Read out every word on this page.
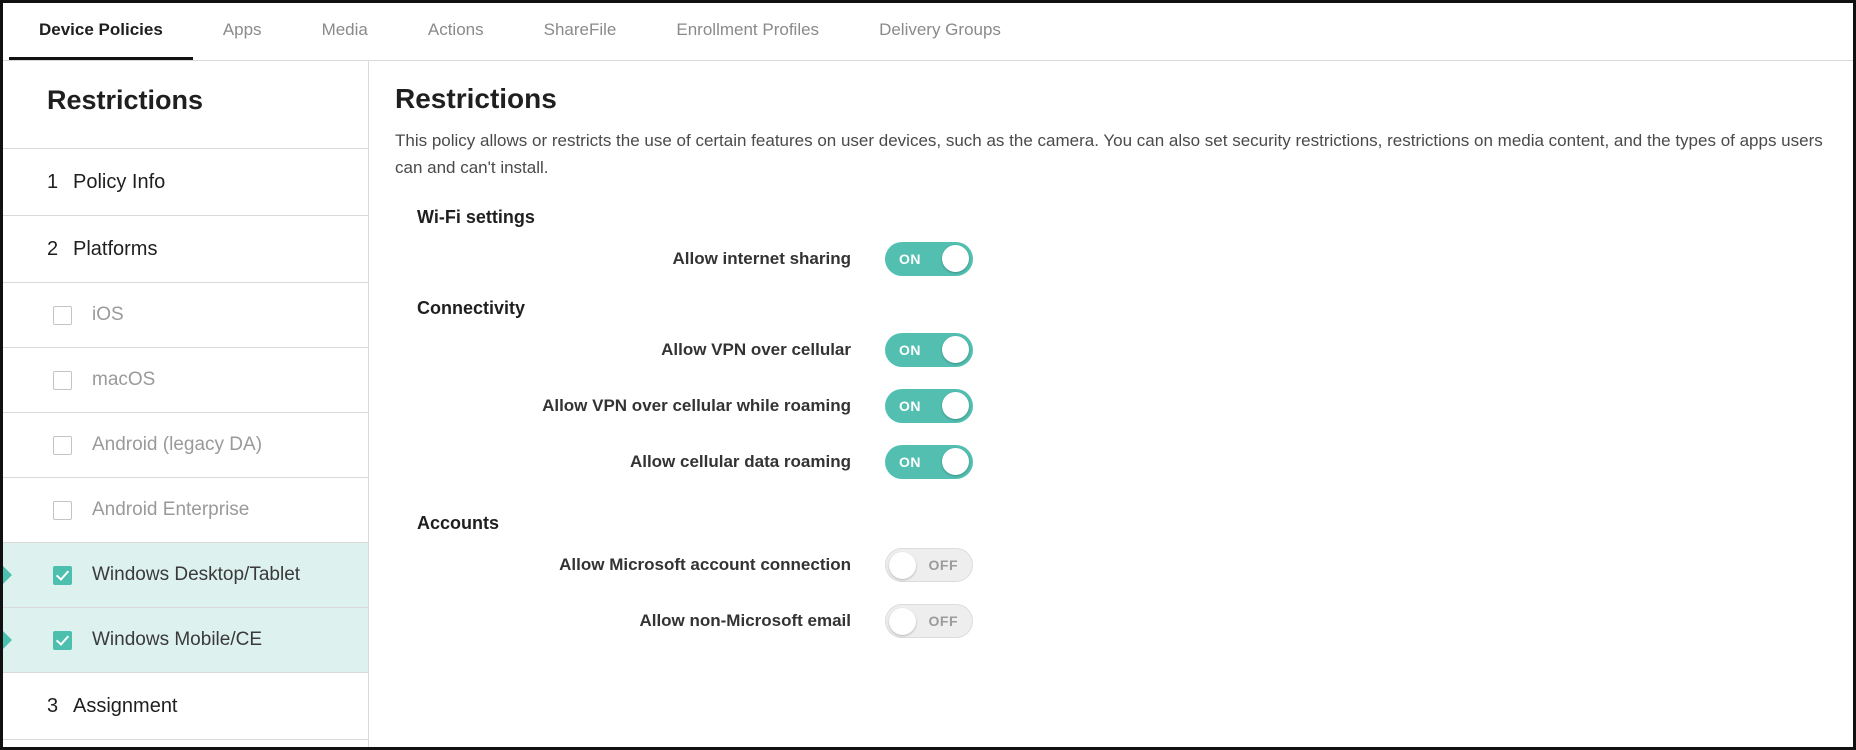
Device Policies	Apps	Media	Actions	ShareFile	Enrollment Profiles	Delivery Groups
Restrictions
1 Policy Info
2 Platforms
iOS
macOS
Android (legacy DA)
Android Enterprise
Windows Desktop/Tablet
Windows Mobile/CE
3 Assignment
Restrictions

This policy allows or restricts the use of certain features on user devices, such as the camera. You can also set security restrictions, restrictions on media content, and the types of apps users can and can't install.

Wi-Fi settings
Allow internet sharing	ON
Connectivity
Allow VPN over cellular	ON
Allow VPN over cellular while roaming	ON
Allow cellular data roaming	ON
Accounts
Allow Microsoft account connection	OFF
Allow non-Microsoft email	OFF
